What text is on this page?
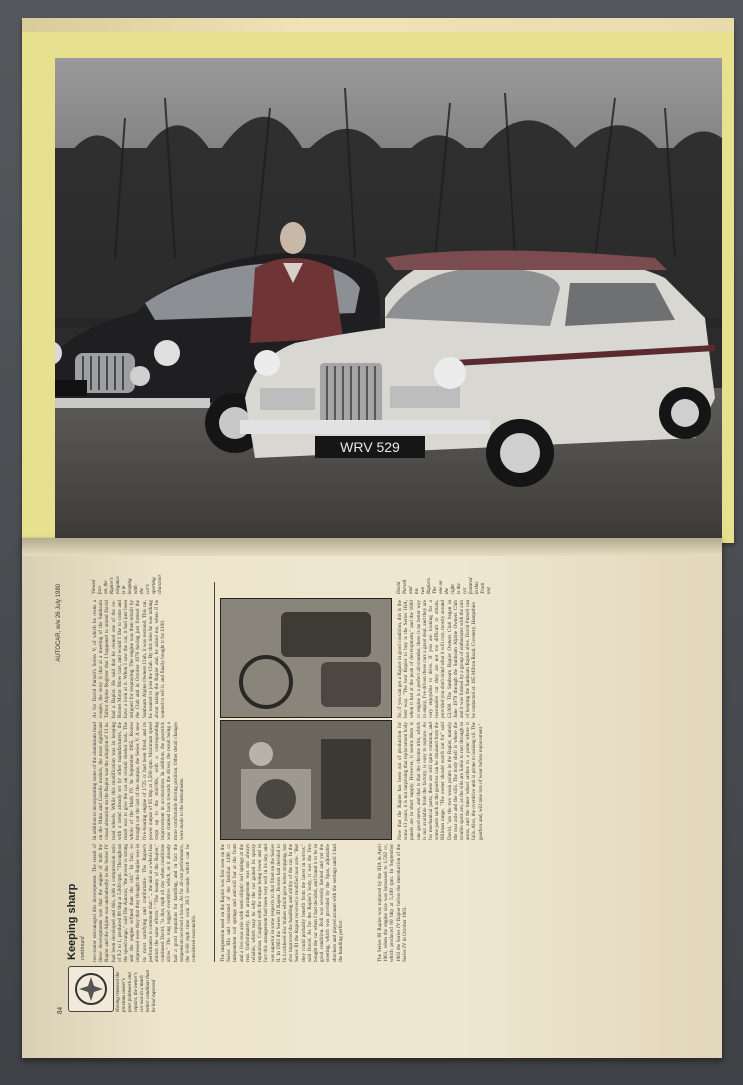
WRV 529
84
AUTOCAR, w/e 26 July 1980
Keeping sharp continued
Having removed the previous owner's poor paintwork and repairs, the owner's car was in a much better condition than he had expected
two-seater encouraged this development. The result of these developments was that the engine of both the Rapier and the Alpine was undoubtedly in the Series IV had been developed and this, with a compression ratio of 9.2 to 1, produced 88 bhp at 5,800 rpm. "Throughout the speed range," said The Autocar, "the power is strong and the engine refined than the old." In fact, so impressed were they that they thought the Rapier was in its most satisfying and comfortable. The Rapier's performance is comment that: "... the unit as a whole has almost the same effects." "The beauty of the Rapier," continued David, "is that, mph all day when conditions allow." The long legged overdrive which, as it already had a good reputation for handling, and in fact the suspension received a boost. As for all-out performance, the 0-60 mph time took 28.5 seconds which can be considered reasonable.
In addition to incorporating some of the aluminium head on the Minx and Gazelle models, the most significant visual alteration on the Rapier was the adoption of 13 in. road wheels. While this modification was in keeping with a trend already set by other manufacturers, the result was to give the car an overall sleeker look. The whole of the Mark IV. In September 1965, Rootes brought out the last of the marque, the Series V. A new five-bearing engine of 1725 cc had been fitted, and its power output of 85 bhp at 5,500 rpm. Maximum speed crept up to the mid-90s, with a corresponding improvement in acceleration. In addition, the gearstick was cranked back towards the driver, the result being a more comfortable driving position. Other detail changes were made to the instruments.
As for David Pursell's Series V, of which he owns a couple, the story is that at a meeting of the Sunbeam Talbot Alpine Register that I happened to attend David had a Rapier. He said that he owned one of the ex-Rootes Motor Show cars, and would I like to come and have a look at it. When I saw the car, it had just been stripped for respraying. The engine was then rebuilt by the Club and in October 1976 having just formed the Sunbeam Alpine Owners Club, it was restored. This car, he wanted to join the Club. By this time he was talking about taking the Rapier and, he asked me, when if he wanted to sell it, and finally bought it for £100.
Viewed face on, the Rapier's elegance is in keeping with the car's sporting character
The suspension used on the Rapier was first seen on the Series IIIa and consisted of the familiar 1498 cc independent coil springs and anti-roll bar at the front and a live rear axle with semi-elliptic leaf springs at the rear. Unfortunately, this arrangement was not always reliable, which may be why the car gained its sporty reputation. Coupled with the torque being lower and in fact this arrangement had been very well in its day, and was superior in some respects to that fitted on the Series II. In 1963 the Series III Rapier, Rootes had decided to fit Lockheed disc brakes which gave better stopping, but also improved the handling and ability of the car. In the Series III the Rapier received a modified rear axle. "But they could probably benefit from the latest in servos," said David. As for the Rapier's body, it was the first bought the car when I had decided, and found it to be in good condition. Roll was severely limited and yet the steering, which was provided by the Spax, adjustable shockers and played around with the settings until I had the handling perfect.	The Series III Rapier was replaced by the IIIA in April 1961, when the engine size was increased to 1,592 cc, which produced 80 bhp at 5,100 rpm. In September 1963 the Series IV Rapier before the introduction of the Series IV in October 1963.
Now that the Rapier has been out of production for some 13 years, it is not surprising that replacement body panels are in short supply. However, it seems there is one good news, and that is that the chrome trim, which is not available from the factory, is easy to replace. As for mechanical parts, these are still quite common, and some parts such as the gearbox can be obtained from the Hillman range. "The owner should watch out for" said David, "are the two weak points in the Rapier, namely the rear axle and the sills. The body shell is where the trouble spots are, as the sills are liable to rust through in areas, and the inner wheel arches to a point where it fails. Also, the overdrive unit is prone to leaking oil. The gearbox and, will take lots of wear before replacement."
So, if you can get a Rapier in good condition, this is the best way. "The best Rapier to buy is the Series IIIA, when it had at the peak of development," and the 1600 cc engine is a perfect all-rounder, there is no better way to enjoy, I've driven these cars a great deal, and they are very enjoyable to drive. If you are looking for a reasonable car they are not too difficult to obtain, provided you don't mind what it will cost, mostly around £2,000. The Sunbeam Rapier Owners Club began in June 1979 through the Sunbeam Alpine Owners Club and it was formed by a group of enthusiasts with the aim of keeping the Sunbeam Rapier alive. David Pursell can be contacted at: 165 Milton Road, Coventry, Hampshire
David Pursell and his two Rapiers. The one on the right is the car featured in this Track test
